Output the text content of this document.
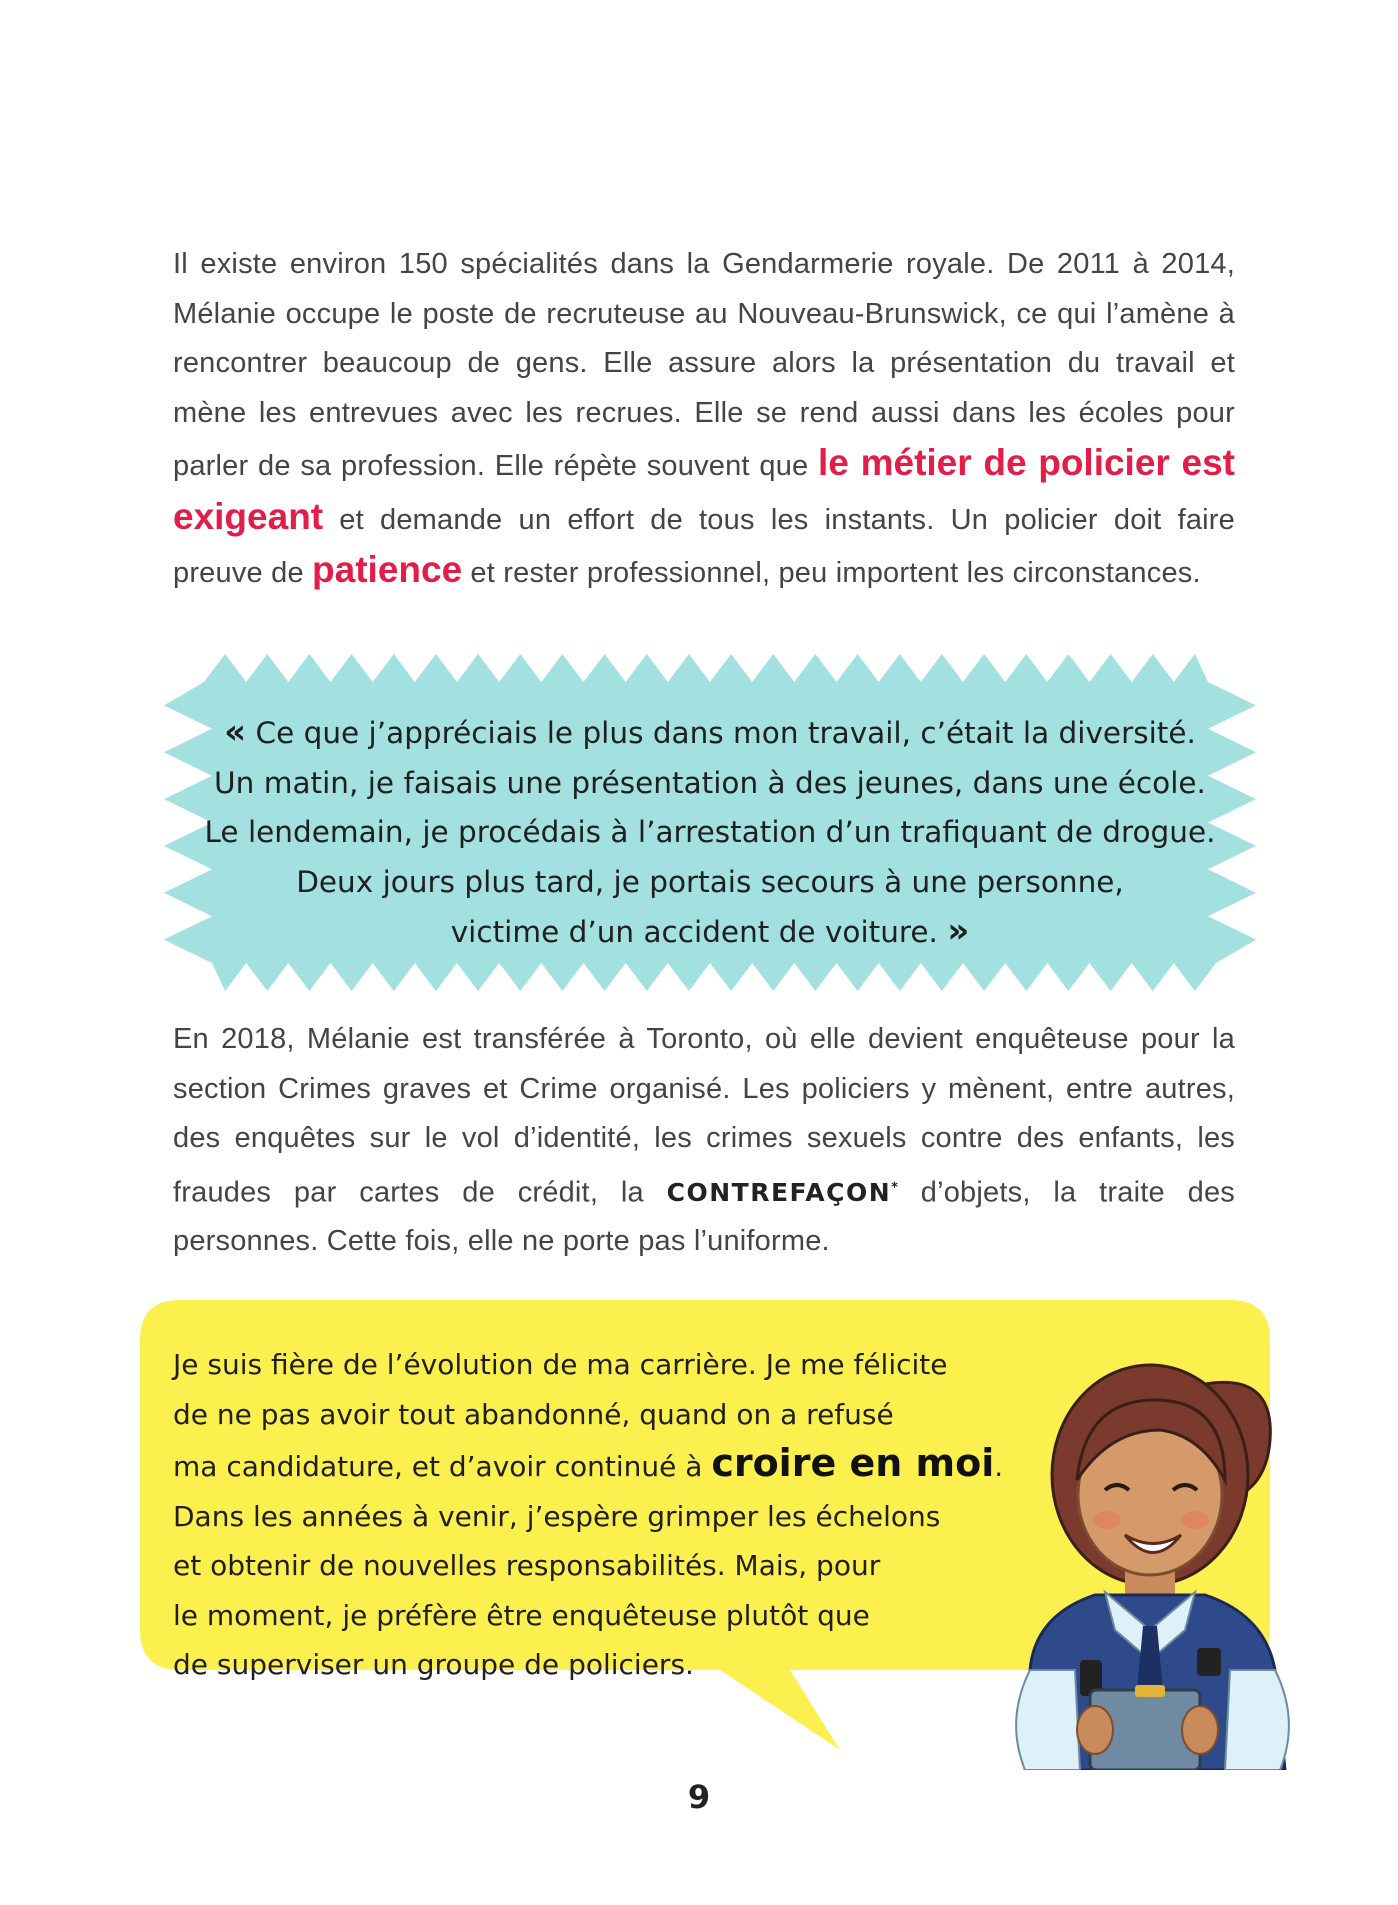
Il existe environ 150 spécialités dans la Gendarmerie royale. De 2011 à 2014, Mélanie occupe le poste de recruteuse au Nouveau-Brunswick, ce qui l’amène à rencontrer beaucoup de gens. Elle assure alors la présentation du travail et mène les entrevues avec les recrues. Elle se rend aussi dans les écoles pour parler de sa profession. Elle répète souvent que le métier de policier est exigeant et demande un effort de tous les instants. Un policier doit faire preuve de patience et rester professionnel, peu importent les circonstances.
« Ce que j’appréciais le plus dans mon travail, c’était la diversité.
Un matin, je faisais une présentation à des jeunes, dans une école.
Le lendemain, je procédais à l’arrestation d’un trafiquant de drogue.
Deux jours plus tard, je portais secours à une personne,
victime d’un accident de voiture. »
En 2018, Mélanie est transférée à Toronto, où elle devient enquêteuse pour la section Crimes graves et Crime organisé. Les policiers y mènent, entre autres, des enquêtes sur le vol d’identité, les crimes sexuels contre des enfants, les fraudes par cartes de crédit, la CONTREFAÇON* d’objets, la traite des personnes. Cette fois, elle ne porte pas l’uniforme.
Je suis fière de l’évolution de ma carrière. Je me félicite
de ne pas avoir tout abandonné, quand on a refusé
ma candidature, et d’avoir continué à croire en moi.
Dans les années à venir, j’espère grimper les échelons
et obtenir de nouvelles responsabilités. Mais, pour
le moment, je préfère être enquêteuse plutôt que
de superviser un groupe de policiers.
9
